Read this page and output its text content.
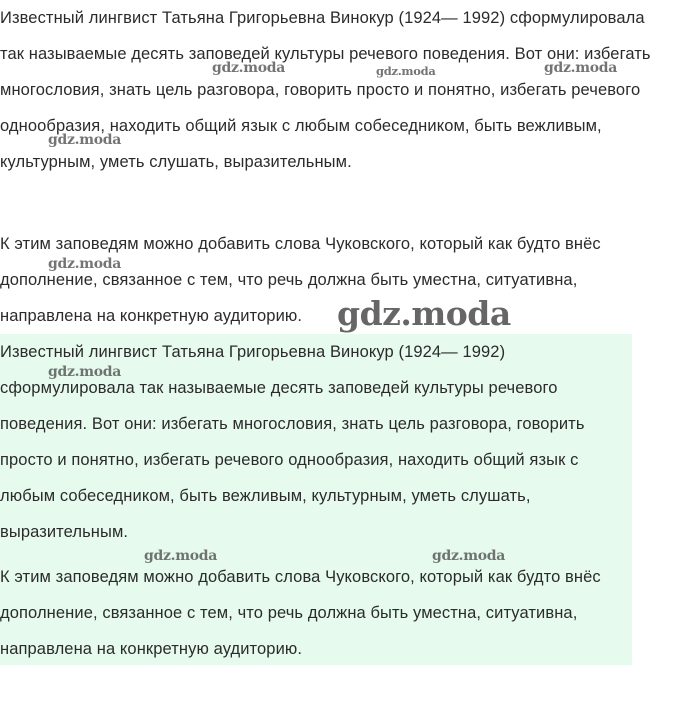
Известный лингвист Татьяна Григорьевна Винокур (1924— 1992) сформулировала так называемые десять заповедей культуры речевого поведения. Вот они: избегать многословия, знать цель разговора, говорить просто и понятно, избегать речевого однообразия, находить общий язык с любым собеседником, быть вежливым, культурным, уметь слушать, выразительным.

К этим заповедям можно добавить слова Чуковского, который как будто внёс дополнение, связанное с тем, что речь должна быть уместна, ситуативна, направлена на конкретную аудиторию.

Известный лингвист Татьяна Григорьевна Винокур (1924— 1992) сформулировала так называемые десять заповедей культуры речевого поведения. Вот они: избегать многословия, знать цель разговора, говорить просто и понятно, избегать речевого однообразия, находить общий язык с любым собеседником, быть вежливым, культурным, уметь слушать, выразительным.

К этим заповедям можно добавить слова Чуковского, который как будто внёс дополнение, связанное с тем, что речь должна быть уместна, ситуативна, направлена на конкретную аудиторию.

gdz.moda	gdz.moda	gdz.moda
gdz.moda
gdz.moda
gdz.moda
gdz.moda
gdz.moda	gdz.moda
